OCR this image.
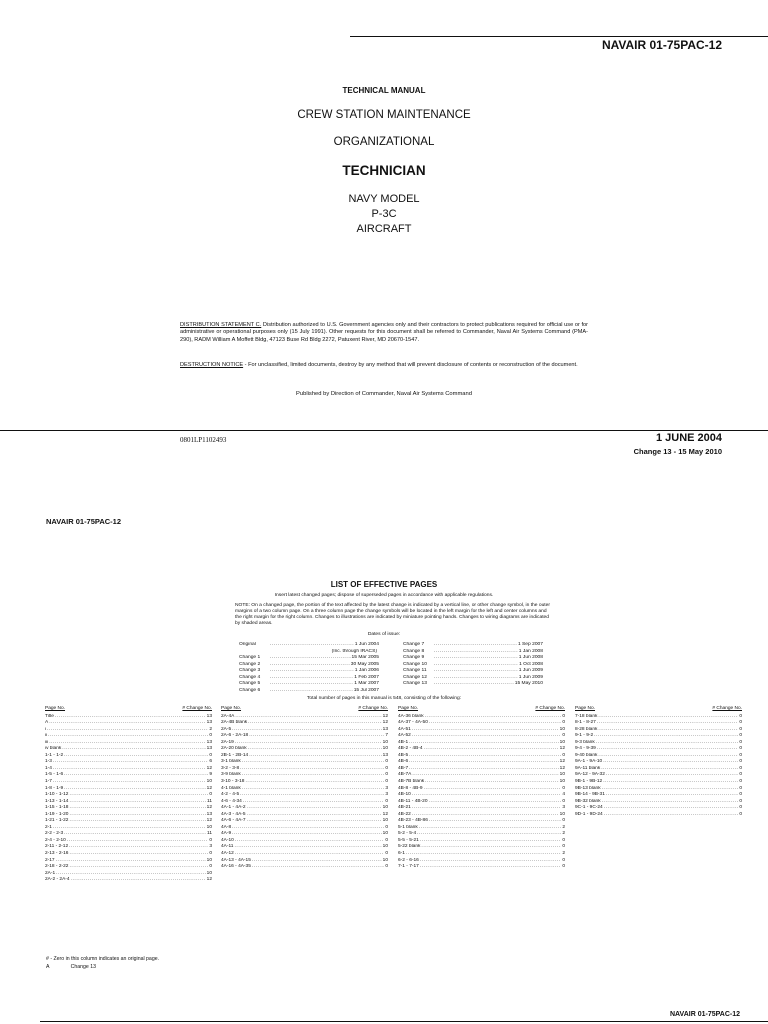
NAVAIR 01-75PAC-12
TECHNICAL MANUAL
CREW STATION MAINTENANCE
ORGANIZATIONAL
TECHNICIAN
NAVY MODEL
P-3C
AIRCRAFT
DISTRIBUTION STATEMENT C. Distribution authorized to U.S. Government agencies only and their contractors to protect publications required for official use or for administrative or operational purposes only (15 July 1991). Other requests for this document shall be referred to Commander, Naval Air Systems Command (PMA-290), RADM William A Moffett Bldg, 47123 Buse Rd Bldg 2272, Patuxent River, MD 20670-1547.
DESTRUCTION NOTICE - For unclassified, limited documents, destroy by any method that will prevent disclosure of contents or reconstruction of the document.
Published by Direction of Commander, Naval Air Systems Command
0801LP1102493	1 JUNE 2004
Change 13 - 15 May 2010
NAVAIR 01-75PAC-12
LIST OF EFFECTIVE PAGES
Insert latest changed pages; dispose of superseded pages in accordance with applicable regulations.
NOTE: On a changed page, the portion of the text affected by the latest change is indicated by a vertical line, or other change symbol, in the outer margins of a two column page. On a three column page the change symbols will be located in the left margin for the left and center columns and the right margin for the right column. Changes to illustrations are indicated by miniature pointing hands. Changes to wiring diagrams are indicated by shaded areas.
Dates of issue:
Original .....	1 Jun 2004
(Inc. through IRACS)
Change 1 .....	15 Mar 2005
Change 2 .....	30 May 2005
Change 3 .....	1 Jan 2006
Change 4 .....	1 Feb 2007
Change 5 .....	1 Mar 2007
Change 6 .....	15 Jul 2007
Change 7 .....	1 Sep 2007
Change 8 .....	1 Jan 2008
Change 9 .....	1 Jun 2008
Change 10 .....	1 Oct 2008
Change 11 .....	1 Jun 2009
Change 12 .....	1 Jun 2009
Change 13 .....	15 May 2010
Total number of pages in this manual is 548, consisting of the following:
Page No.	# Change No.
Title .....	13
A .....	13
i .....	2
ii .....	0
iii .....	13
iv blank .....	13
1-1 - 1-2 .....	0
1-3 .....	6
1-4 .....	12
1-5 - 1-6 .....	9
1-7 .....	10
1-8 - 1-9 .....	12
1-10 - 1-12 .....	0
1-13 - 1-14 .....	11
1-15 - 1-18 .....	12
1-19 - 1-20 .....	13
1-21 - 1-22 .....	12
2-1 .....	10
2-2 - 2-3 .....	11
2-4 - 2-10 .....	0
2-11 - 2-12 .....	3
2-13 - 2-16 .....	0
2-17 .....	10
2-18 - 2-22 .....	0
2A-1 .....	10
2A-2 - 2A-4 .....	12
Page No.	# Change No.
2A-4A .....	12
2A-4B blank .....	12
2A-5 .....	13
2A-6 - 2A-18 .....	7
2A-19 .....	10
2A-20 blank .....	10
2B-1 - 2B-14 .....	13
3-1 blank .....	0
3-2 - 3-8 .....	0
3-9 blank .....	0
3-10 - 3-18 .....	0
4-1 blank .....	3
4-2 - 4-5 .....	3
4-6 - 4-34 .....	0
4A-1 - 4A-2 .....	10
4A-3 - 4A-5 .....	12
4A-6 - 4A-7 .....	10
4A-8 .....	0
4A-9 .....	10
4A-10 .....	0
4A-11 .....	10
4A-12 .....	0
4A-13 - 4A-15 .....	10
4A-16 - 4A-35 .....	0
Page No.	# Change No.
4A-36 blank .....	0
4A-37 - 4A-50 .....	0
4A-51 .....	10
4A-52 .....	0
4B-1 .....	10
4B-2 - 4B-4 .....	12
4B-5 .....	0
4B-6 .....	12
4B-7 .....	12
4B-7A .....	10
4B-7B blank .....	10
4B-8 - 4B-9 .....	0
4B-10 .....	4
4B-11 - 4B-20 .....	0
4B-21 .....	3
4B-22 .....	10
4B-23 - 4B-86 .....	0
5-1 blank .....	2
5-2 - 5-4 .....	2
5-5 - 5-21 .....	0
5-22 blank .....	0
6-1 .....	2
6-2 - 6-16 .....	0
7-1 - 7-17 .....	0
Page No.	# Change No.
7-18 blank .....	0
8-1 - 8-27 .....	0
8-28 blank .....	0
9-1 - 9-2 .....	0
9-3 blank .....	0
9-4 - 9-39 .....	0
9-40 blank .....	0
9A-1 - 9A-10 .....	0
9A-11 blank .....	0
9A-12 - 9A-32 .....	0
9B-1 - 9B-12 .....	0
9B-13 blank .....	0
9B-14 - 9B-31 .....	0
9B-32 blank .....	0
9C-1 - 9C-24 .....	0
9D-1 - 9D-24 .....	0
# - Zero in this column indicates an original page.
A	Change 13
NAVAIR 01-75PAC-12
